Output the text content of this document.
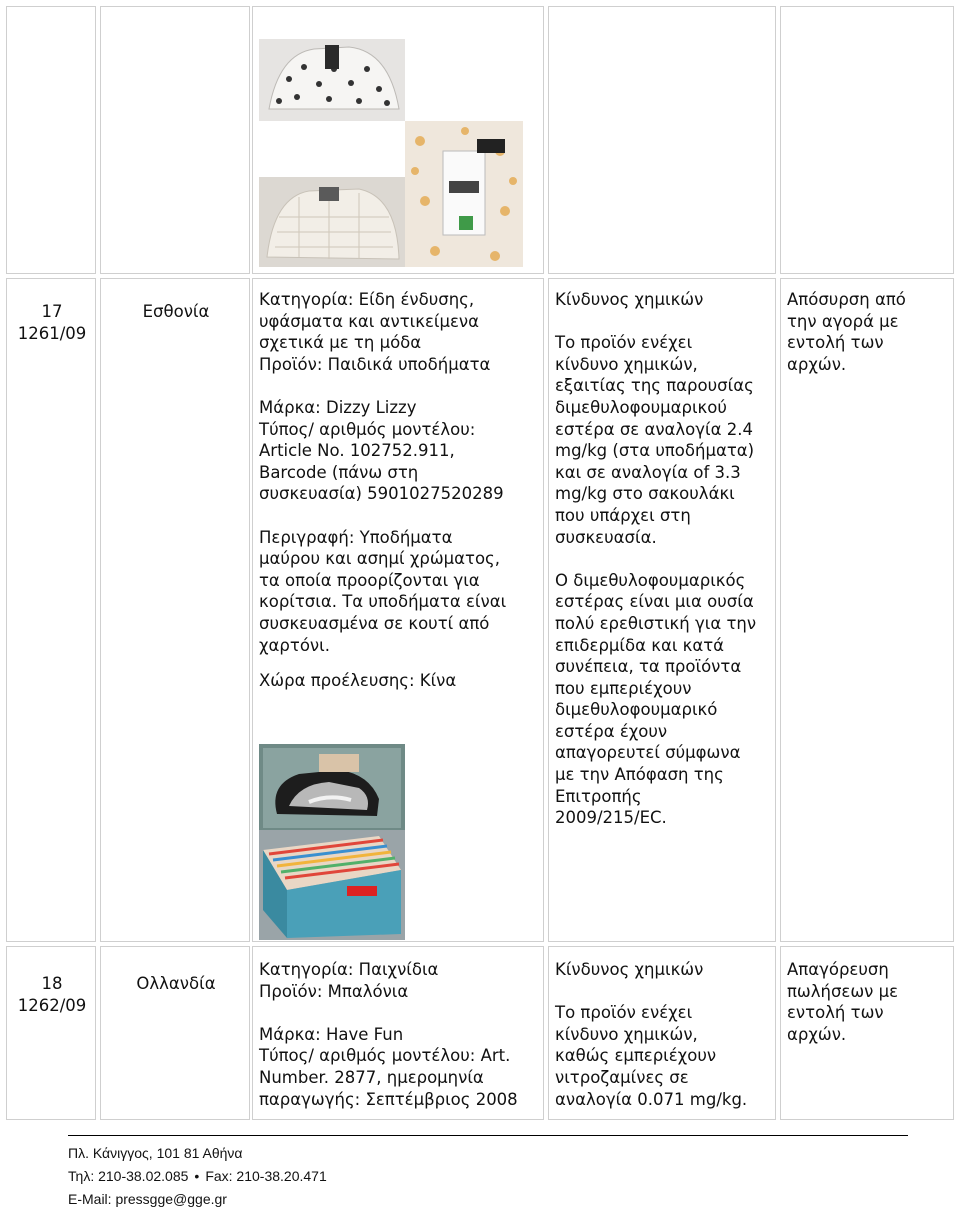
17
1261/09
Εσθονία
Κατηγορία: Είδη ένδυσης,
υφάσματα και αντικείμενα
σχετικά με τη μόδα
Προϊόν: Παιδικά υποδήματα

Μάρκα: Dizzy Lizzy
Τύπος/ αριθμός μοντέλου:
Article No. 102752.911,
Barcode (πάνω στη
συσκευασία) 5901027520289

Περιγραφή: Υποδήματα
μαύρου και ασημί χρώματος,
τα οποία προορίζονται για
κορίτσια. Τα υποδήματα είναι
συσκευασμένα σε κουτί από
χαρτόνι.
Χώρα προέλευσης: Κίνα
Κίνδυνος χημικών

Το προϊόν ενέχει
κίνδυνο χημικών,
εξαιτίας της παρουσίας
διμεθυλοφουμαρικού
εστέρα σε αναλογία 2.4
mg/kg (στα υποδήματα)
και σε αναλογία of 3.3
mg/kg στο σακουλάκι
που υπάρχει στη
συσκευασία.

Ο διμεθυλοφουμαρικός
εστέρας είναι μια ουσία
πολύ ερεθιστική για την
επιδερμίδα και κατά
συνέπεια, τα προϊόντα
που εμπεριέχουν
διμεθυλοφουμαρικό
εστέρα έχουν
απαγορευτεί σύμφωνα
με την Απόφαση της
Επιτροπής
2009/215/EC.
Απόσυρση από
την αγορά με
εντολή των
αρχών.
18
1262/09
Ολλανδία
Κατηγορία: Παιχνίδια
Προϊόν: Μπαλόνια

Μάρκα: Have Fun
Τύπος/ αριθμός μοντέλου: Art.
Number. 2877, ημερομηνία
παραγωγής: Σεπτέμβριος 2008
Κίνδυνος χημικών

Το προϊόν ενέχει
κίνδυνο χημικών,
καθώς εμπεριέχουν
νιτροζαμίνες σε
αναλογία 0.071 mg/kg.
Απαγόρευση
πωλήσεων με
εντολή των
αρχών.
Πλ. Κάνιγγος, 101 81 Αθήνα
Τηλ: 210-38.02.085 • Fax: 210-38.20.471
E-Mail: pressgge@gge.gr
